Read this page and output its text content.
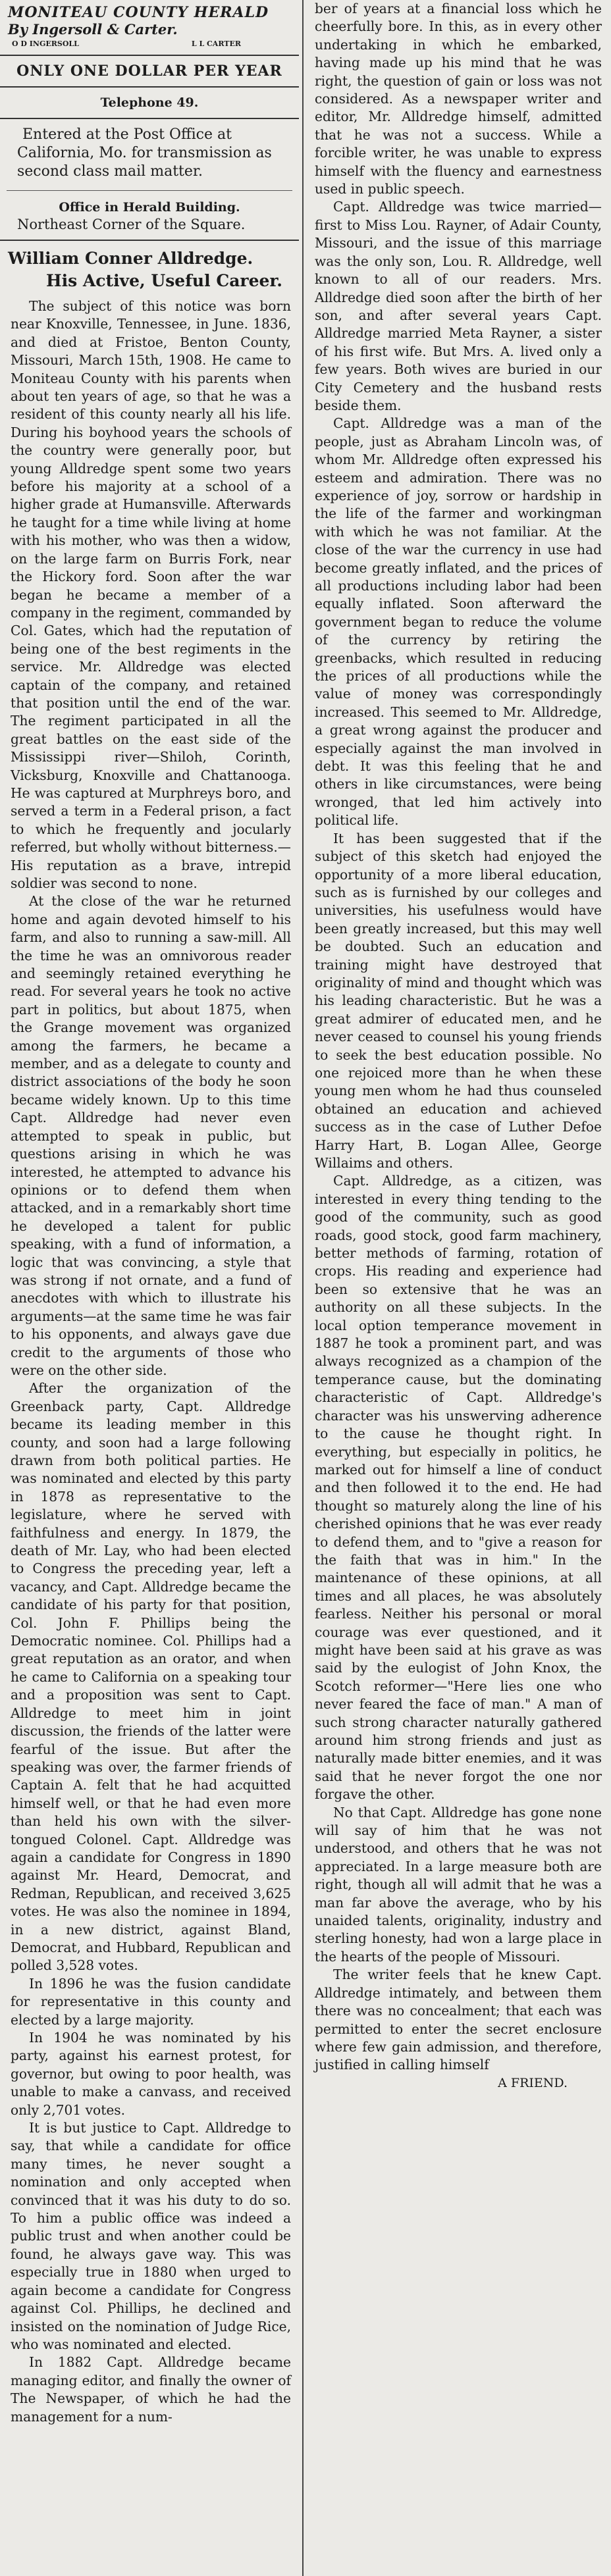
MONITEAU COUNTY HERALD
By Ingersoll & Carter.
O D INGERSOLL	L L CARTER
ONLY ONE DOLLAR PER YEAR
Telephone 49.
Entered at the Post Office at California, Mo. for transmission as second class mail matter.
Office in Herald Building.
Northeast Corner of the Square.
William Conner Alldredge.
His Active, Useful Career.

The subject of this notice was born near Knoxville, Tennessee, in June. 1836, and died at Fristoe, Benton County, Missouri, March 15th, 1908. He came to Moniteau County with his parents when about ten years of age, so that he was a resident of this county nearly all his life. During his boyhood years the schools of the country were generally poor, but young Alldredge spent some two years before his majority at a school of a higher grade at Humansville. Afterwards he taught for a time while living at home with his mother, who was then a widow, on the large farm on Burris Fork, near the Hickory ford. Soon after the war began he became a member of a company in the regiment, commanded by Col. Gates, which had the reputation of being one of the best regiments in the service. Mr. Alldredge was elected captain of the company, and retained that position until the end of the war. The regiment participated in all the great battles on the east side of the Mississippi river—Shiloh, Corinth, Vicksburg, Knoxville and Chattanooga. He was captured at Murphreys boro, and served a term in a Federal prison, a fact to which he frequently and jocularly referred, but wholly without bitterness.—His reputation as a brave, intrepid soldier was second to none.

At the close of the war he returned home and again devoted himself to his farm, and also to running a saw-mill. All the time he was an omnivorous reader and seemingly retained everything he read. For several years he took no active part in politics, but about 1875, when the Grange movement was organized among the farmers, he became a member, and as a delegate to county and district associations of the body he soon became widely known. Up to this time Capt. Alldredge had never even attempted to speak in public, but questions arising in which he was interested, he attempted to advance his opinions or to defend them when attacked, and in a remarkably short time he developed a talent for public speaking, with a fund of information, a logic that was convincing, a style that was strong if not ornate, and a fund of anecdotes with which to illustrate his arguments—at the same time he was fair to his opponents, and always gave due credit to the arguments of those who were on the other side.

After the organization of the Greenback party, Capt. Alldredge became its leading member in this county, and soon had a large following drawn from both political parties. He was nominated and elected by this party in 1878 as representative to the legislature, where he served with faithfulness and energy. In 1879, the death of Mr. Lay, who had been elected to Congress the preceding year, left a vacancy, and Capt. Alldredge became the candidate of his party for that position, Col. John F. Phillips being the Democratic nominee. Col. Phillips had a great reputation as an orator, and when he came to California on a speaking tour and a proposition was sent to Capt. Alldredge to meet him in joint discussion, the friends of the latter were fearful of the issue. But after the speaking was over, the farmer friends of Captain A. felt that he had acquitted himself well, or that he had even more than held his own with the silver-tongued Colonel. Capt. Alldredge was again a candidate for Congress in 1890 against Mr. Heard, Democrat, and Redman, Republican, and received 3,625 votes. He was also the nominee in 1894, in a new district, against Bland, Democrat, and Hubbard, Republican and polled 3,528 votes.

In 1896 he was the fusion candidate for representative in this county and elected by a large majority.

In 1904 he was nominated by his party, against his earnest protest, for governor, but owing to poor health, was unable to make a canvass, and received only 2,701 votes.

It is but justice to Capt. Alldredge to say, that while a candidate for office many times, he never sought a nomination and only accepted when convinced that it was his duty to do so. To him a public office was indeed a public trust and when another could be found, he always gave way. This was especially true in 1880 when urged to again become a candidate for Congress against Col. Phillips, he declined and insisted on the nomination of Judge Rice, who was nominated and elected.

In 1882 Capt. Alldredge became managing editor, and finally the owner of The Newspaper, of which he had the management for a num-

ber of years at a financial loss which he cheerfully bore. In this, as in every other undertaking in which he embarked, having made up his mind that he was right, the question of gain or loss was not considered. As a newspaper writer and editor, Mr. Alldredge himself, admitted that he was not a success. While a forcible writer, he was unable to express himself with the fluency and earnestness used in public speech.

Capt. Alldredge was twice married—first to Miss Lou. Rayner, of Adair County, Missouri, and the issue of this marriage was the only son, Lou. R. Alldredge, well known to all of our readers. Mrs. Alldredge died soon after the birth of her son, and after several years Capt. Alldredge married Meta Rayner, a sister of his first wife. But Mrs. A. lived only a few years. Both wives are buried in our City Cemetery and the husband rests beside them.

Capt. Alldredge was a man of the people, just as Abraham Lincoln was, of whom Mr. Alldredge often expressed his esteem and admiration. There was no experience of joy, sorrow or hardship in the life of the farmer and workingman with which he was not familiar. At the close of the war the currency in use had become greatly inflated, and the prices of all productions including labor had been equally inflated. Soon afterward the government began to reduce the volume of the currency by retiring the greenbacks, which resulted in reducing the prices of all productions while the value of money was correspondingly increased. This seemed to Mr. Alldredge, a great wrong against the producer and especially against the man involved in debt. It was this feeling that he and others in like circumstances, were being wronged, that led him actively into political life.

It has been suggested that if the subject of this sketch had enjoyed the opportunity of a more liberal education, such as is furnished by our colleges and universities, his usefulness would have been greatly increased, but this may well be doubted. Such an education and training might have destroyed that originality of mind and thought which was his leading characteristic. But he was a great admirer of educated men, and he never ceased to counsel his young friends to seek the best education possible. No one rejoiced more than he when these young men whom he had thus counseled obtained an education and achieved success as in the case of Luther Defoe Harry Hart, B. Logan Allee, George Willaims and others.

Capt. Alldredge, as a citizen, was interested in every thing tending to the good of the community, such as good roads, good stock, good farm machinery, better methods of farming, rotation of crops. His reading and experience had been so extensive that he was an authority on all these subjects. In the local option temperance movement in 1887 he took a prominent part, and was always recognized as a champion of the temperance cause, but the dominating characteristic of Capt. Alldredge's character was his unswerving adherence to the cause he thought right. In everything, but especially in politics, he marked out for himself a line of conduct and then followed it to the end. He had thought so maturely along the line of his cherished opinions that he was ever ready to defend them, and to "give a reason for the faith that was in him." In the maintenance of these opinions, at all times and all places, he was absolutely fearless. Neither his personal or moral courage was ever questioned, and it might have been said at his grave as was said by the eulogist of John Knox, the Scotch reformer—"Here lies one who never feared the face of man." A man of such strong character naturally gathered around him strong friends and just as naturally made bitter enemies, and it was said that he never forgot the one nor forgave the other.

No that Capt. Alldredge has gone none will say of him that he was not understood, and others that he was not appreciated. In a large measure both are right, though all will admit that he was a man far above the average, who by his unaided talents, originality, industry and sterling honesty, had won a large place in the hearts of the people of Missouri.

The writer feels that he knew Capt. Alldredge intimately, and between them there was no concealment; that each was permitted to enter the secret enclosure where few gain admission, and therefore, justified in calling himself

A FRIEND.
